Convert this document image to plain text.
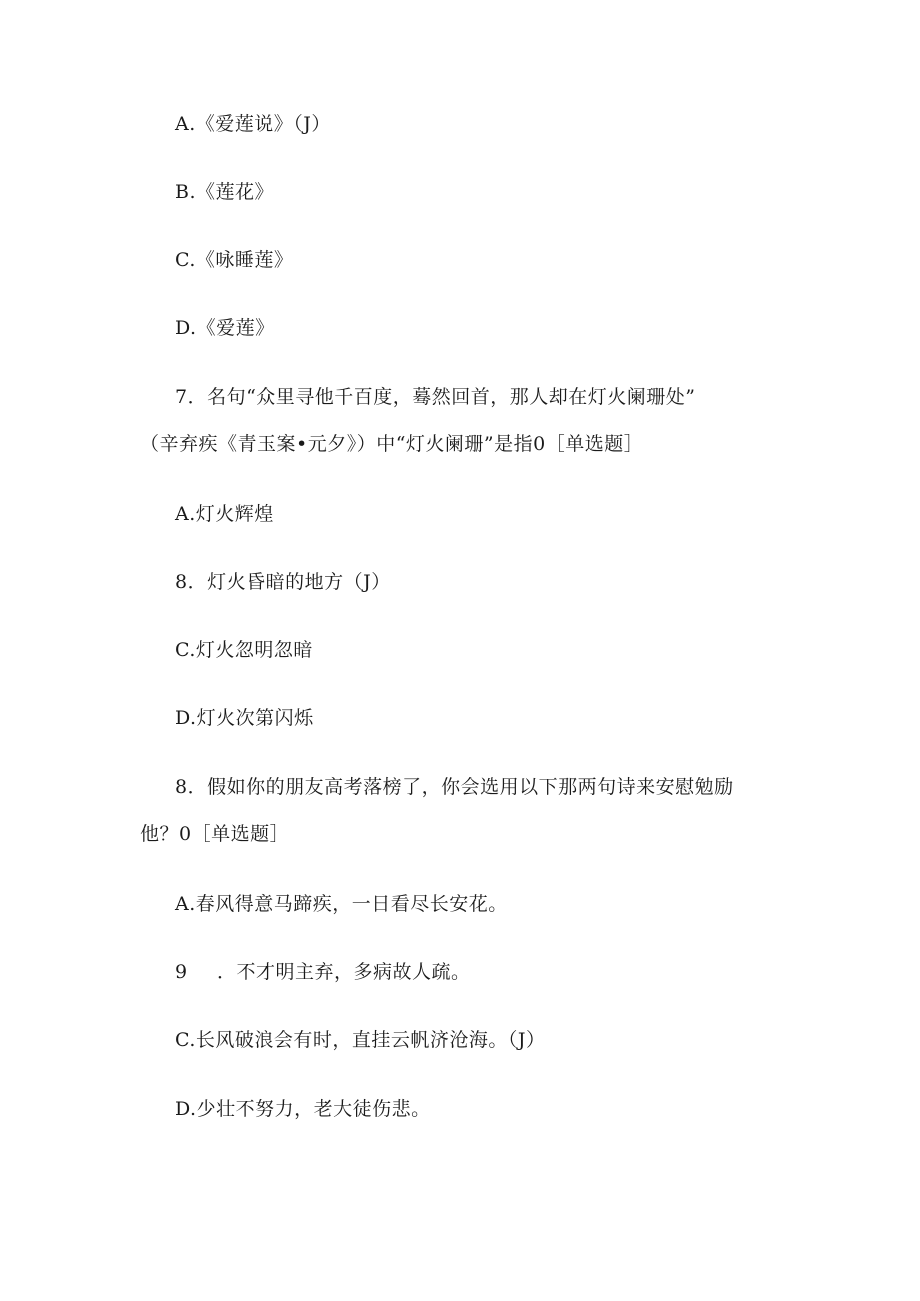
A.《爱莲说》（J）
B.《莲花》
C.《咏睡莲》
D.《爱莲》
7．名句“众里寻他千百度，蓦然回首，那人却在灯火阑珊处”
（辛弃疾《青玉案•元夕》）中“灯火阑珊”是指0［单选题］
A.灯火辉煌
8．灯火昏暗的地方（J）
C.灯火忽明忽暗
D.灯火次第闪烁
8．假如你的朋友高考落榜了，你会选用以下那两句诗来安慰勉励
他？0［单选题］
A.春风得意马蹄疾，一日看尽长安花。
9 ．不才明主弃，多病故人疏。
C.长风破浪会有时，直挂云帆济沧海。（J）
D.少壮不努力，老大徒伤悲。
